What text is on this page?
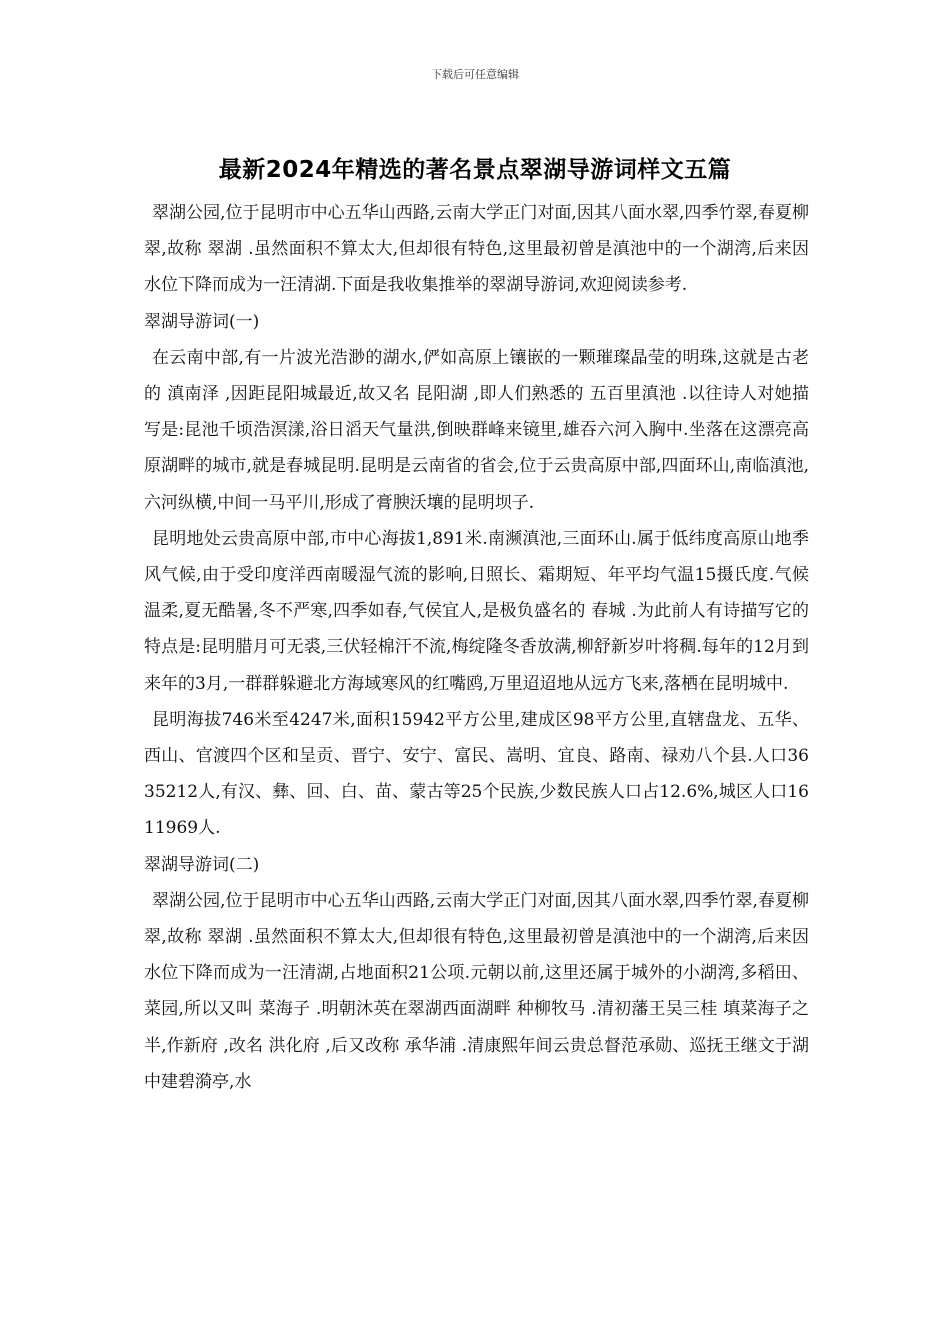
下载后可任意编辑
最新2024年精选的著名景点翠湖导游词样文五篇

翠湖公园,位于昆明市中心五华山西路,云南大学正门对面,因其八面水翠,四季竹翠,春夏柳翠,故称 翠湖 .虽然面积不算太大,但却很有特色,这里最初曾是滇池中的一个湖湾,后来因水位下降而成为一汪清湖.下面是我收集推举的翠湖导游词,欢迎阅读参考.

翠湖导游词(一)

在云南中部,有一片波光浩渺的湖水,俨如高原上镶嵌的一颗璀璨晶莹的明珠,这就是古老的 滇南泽 ,因距昆阳城最近,故又名 昆阳湖 ,即人们熟悉的 五百里滇池 .以往诗人对她描写是:昆池千顷浩溟漾,浴日滔天气量洪,倒映群峰来镜里,雄吞六河入胸中.坐落在这漂亮高原湖畔的城市,就是春城昆明.昆明是云南省的省会,位于云贵高原中部,四面环山,南临滇池,六河纵横,中间一马平川,形成了膏腴沃壤的昆明坝子.

昆明地处云贵高原中部,市中心海拔1,891米.南濒滇池,三面环山.属于低纬度高原山地季风气候,由于受印度洋西南暖湿气流的影响,日照长、霜期短、年平均气温15摄氏度.气候温柔,夏无酷暑,冬不严寒,四季如春,气侯宜人,是极负盛名的 春城 .为此前人有诗描写它的特点是:昆明腊月可无裘,三伏轻棉汗不流,梅绽隆冬香放满,柳舒新岁叶将稠.每年的12月到来年的3月,一群群躲避北方海域寒风的红嘴鸥,万里迢迢地从远方飞来,落栖在昆明城中.

昆明海拔746米至4247米,面积15942平方公里,建成区98平方公里,直辖盘龙、五华、西山、官渡四个区和呈贡、晋宁、安宁、富民、嵩明、宜良、路南、禄劝八个县.人口3635212人,有汉、彝、回、白、苗、蒙古等25个民族,少数民族人口占12.6%,城区人口1611969人.

翠湖导游词(二)

翠湖公园,位于昆明市中心五华山西路,云南大学正门对面,因其八面水翠,四季竹翠,春夏柳翠,故称 翠湖 .虽然面积不算太大,但却很有特色,这里最初曾是滇池中的一个湖湾,后来因水位下降而成为一汪清湖,占地面积21公项.元朝以前,这里还属于城外的小湖湾,多稻田、菜园,所以又叫 菜海子 .明朝沐英在翠湖西面湖畔 种柳牧马 .清初藩王吴三桂 填菜海子之半,作新府 ,改名 洪化府 ,后又改称 承华浦 .清康熙年间云贵总督范承勋、巡抚王继文于湖中建碧漪亭,水
